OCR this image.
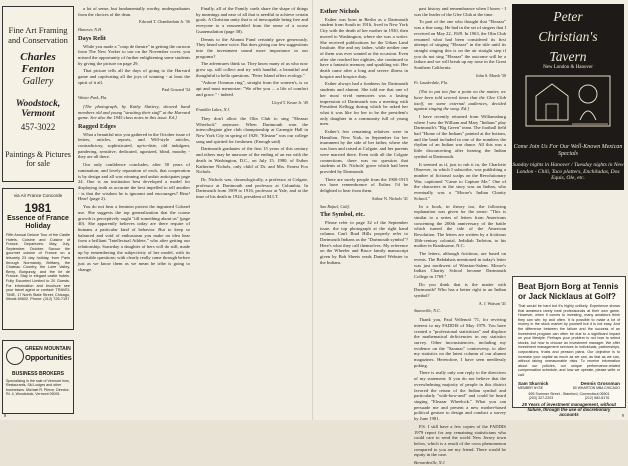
Fine Art Framing and Conservation
Charles Fenton
Gallery
Woodstock, Vermont
457-3022
Paintings & Pictures for sale
via Air France Concorde
1981
Essence of France Holiday
Fifth Annual Deluxe Tour of the Castle Hotels, Cuisine and Cuisine of France. Departures: May, July, September, October. Savour the gourmet cuisine of France on a leisurely 23 day holiday, from Paris through Normandy, Brittany, the Chateau Country, the Loire Valley, Berry, Burgundy, and the Ile de France. Stay in elegant castle hotels. Fully Escorted Limited to 20 Guests. For information and brochure see your travel agent or contact: TRAVEL TIME, 17 North State Street, Chicago, Illinois 60602. Phone: (312) 726-7197
GREEN MOUNTAIN
Opportunities
BUSINESS BROKERS
Specializing in the sale of Vermont Inns, Restaurants, Ski Lodges and other businesses. Michael R. Pierce, Director. Rt. 4, Woodstock, Vermont 05091.

a lot of sense, but fundamentally worthy, undergraduates from the choices of the dean.

Edward T. Chamberlain Jr. '36
Hanover, N.H.
Days Relit

While you made a "coup de theatre" in getting the cartoon from The New Yorker to use on the November cover, you missed the opportunity of further enlightening some students by giving the picture on page 29.

That picture tells all the days of going to the Harvard game and captivating all the joys of winning - at least the spirit of it all.

Paul Goward '34
Winter Park, Fla.

[The photograph, by Kathy Slattery, showed band members old and young "strutting their stuff" at the Harvard game. See also the 1945 class notes in this issue. Ed.]

Ragged Edges

What a beautiful mix you gathered in the October issue of letters, articles, reports, and Will-style articles, contradictory, sophisticated, up-to-date, old indulgent, pandering, sensitive, dedicated, agonized, blind, mouthy - they are all there.

Our only confidence concludes, after 50 years of rumination, and lovely reparation of each, that cooperation is by design and all was winning and unfair anticipates page 24. One is an institution best developed a model for displaying truth as accurate the best impelled to tell another - is that the wisdom he is ignorant and encourages? Hear! Hear! (page 2).

You do not hear a feminist protest the ingrained Colonel use. She suggests the top generalization that the coarse growth is perceptively ought "till something about us" (page 40). She apparently believes today are there require of humans a particular kind of behavior. But to keep so balanced and void of enthusiasm you make no idea hear from a brilliant "Intellectual Athlete," who after getting our relationship. Someday a daughter of hers will do still, made up by remembering the subjectivity of her model, with its inevitable questions; with clearly really came through before just as we know them as we mean he tribe is going to change.

Finally, all of the Family cards share the shape of things by meanings and ease of all that is needful to achieve certain goals. A Christian unity that is of inescapable being free and everyone to a reassembled from the sense of a worse Guatemalation (page 38).

Dennis to the Alumni Fund certainly gave generously. They heard some voice. But does giving our few suggestions into the investment sound more importance in our programs?

The adventures think so. They know many of us who now grow up, still collect and try with handful, a beautiful and thoughtful to hello questions. "Peter Island offers ecology."

"Ashore Oceanus ring", straight from the women's, is so apt and must memorize: "We offer you ... a life of comfort and grace." - indeed.

Lloyd T. Kruse Jr. '49
Franklin Lakes, N.J.

They don't allow the Olin Club to sing "Eleazar Wheelock" anymore. When Dartmouth won the intercollegiate glee club championship at Carnegie Hall in New York City in spring of 1929, "Eleazar" was our college song and spirited for freshmen. (Enough said)

Dartmouth graduates of the first 15 years of this century and others may be unaware of the ending of an era with the death in Washington, D.C., on July 15, 1980, of Esther Katherine Nichols, only child of Dr. and Mrs. Ernest Fox Nichols.

Dr. Nichols was, chronologically, a professor at Colgate, professor at Dartmouth and professor at Columbia. In Dartmouth from 1909 to 1916, professor at Yale, and at the time of his death in 1924, president of M.I.T.

8
Esther Nichols

Esther was born in Berlin as a Dartmouth student from South in 1916, lived in New York City with the death of her mother in 1930, then moved to Washington, where she was a writer. She received publications for the Urban Land Institute. She and my father, while neither one of them was ever wanted or the occasion. Even after she reached her eighties, she continued to have a fantastic memory and sparkling wit. Her death came after a long and severe illness in hospice and hospice duty.

Esther always had a fondness for Dartmouth students and alumni. She told me that one of her most vivid memories was a lasting impression of Dartmouth was a meeting with President Kellogg during which he asked her what it was like for her to be the president's only daughter in a community full of young men.

Esther's few remaining relatives were in Hamilton, New York, in September for her inurnment by the side of her father, where she was born and raised at Colgate, and her parents were married there. Even with all the Colgate connections, there was no question that students at Dr. Nichols' grave which had been provided by Dartmouth.

There are surely people from the 1900-1915 era have remembrance of Esther. I'd be delighted to hear from them.

Arthur N. Nichols '41
San Rafael, Calif.
The Symbol, etc.

Please refer to page 32 of the September issue, the top photograph at the right hand column. Can't Brad Hills properly refer to Dartmouth Indians as the "Dartmouth symbol"? Here's what they call themselves. My reference on the Wheeler and Bruce family manuscript given by Bob Sheets reads Daniel Webster to the Indians.

past history and remembrance when I know - I was the leader of the Glee Club at the time.

To part of the one who thought that "Eleazar" was a fine song. He had in the set of singers that I received on May 22, 1929. In 1963, the Olin Club resumed what had been considered its first attempt of singing "Eleazar" in the title until its straight singing this is on the air straight step if you do not sing "Eleazar" the outcome will be a failure and we will break up my nose in the Great Southern California.

John S. Marsh '30
Ft. Lauderdale, Fla.

[Not to put too fine a point on the matter, we have been told several times that the Glee Club itself, on some external audiences, decided against singing the song. Ed.]

I have recently returned from Williamsburg where I saw the William and Mary "Indians" play Dartmouth's "Big Green" team. The football field had "Home of the Indians" painted at the bottom, and the band included in one of the numbers the rhythm of an Indian war dance. All this was a little disconcerting after hearing the Indian symbol at Dartmouth.

It seemed as if, just to rub it in, the Charlotte Observer, in which I subscribe, was publishing a number of fictional scalps on the Revolutionary War, captioned "Came to Capture Me," One of the characters in the story was an Indian, who eventually was a "Moore's Indian Charity School."

In a book, in theory too, the following explanation was given for the sense: "This is similar to a series of letters from Americans conceming the 200th anniversary of the battle which turned the tide of the American Revolution. The letters are written by a fictitious 18th-century colonial, Jedidiah Tarleton, to his mother in Branksome, N.C.

The letters, although fictitious, are based on events. The Bebdahais mentioned in today's letter was just northwest of Winston-Salem. Moore's Indian Charity School became Dartmouth College in 1769."

Do you think that is the matter with Dartmouth? Who has a better right to an Indian symbol?

A. J. Watson '41
Statesville, N.C.

Thank you, Paul Vellenoti '71, for reviving interest to my FADDIS of May 1979. You have created a "professional statistician" and displace the mathematical deficiencies in my statistics survey. Other inconsistencies, including my evidence on the "Saranac" controversy, to alter my statistics on the latest column of our alumni magazines. Heretofore, I have seen needlessly poking.

There is really only one reply to the directives of my statement: If you do not believe that the overwhelming majority of people in this district favored the return of the Indian symbol and particularly "with-bow-and" and could be heard singing "Eleazar Wheelock." What you can persuade me and present a new mother-based political gesture to design and conduct a survey by June 1981.

P.S. I still have a few copies of the FADDIS 1979 report for any remaining statisticians who could care to send the world New Jersey town below, which is a result of the cross phenomenon compared to you are my friend. There would be equity in the case.

Bernardsville, N.J.
Peter
Christian's
Tavern
New London & Hanover
Come Join Us For Our Well-Known Mexican Specials
Sunday nights in Hanover / Tuesday nights in New London - Chili, Taco platters, Enchiladas, Dos Equis, Ole, etc.
Beat Bjorn Borg at Tennis or Jack Nicklaus at Golf?
That would be hard but it's highly unlikely. Experience shows that amateurs rarely beat professionals at their own game. However, when it comes to investing, many amateurs think they can win; by and often. It is possible to make a lot of money in the stock market by yourself but it is not easy. And the difference between the failure and the success of an investment program can often be due to a significant impact on your lifestyle. Perhaps your problem is not how to select stocks, but how to choose an investment manager. We offer investment management services to individuals, partnerships, corporations, trusts and pension plans. Our objective is to increase your capital as much as we can, as fast as we can, without taking unreasonable risks. To receive information about our policies, our unique performance-related compensation schedule, and how we operate, please write or call:
Sam Skurnick	Dennis Grossman
MEMBER NYSE	80 WHARTON MBA CHICAGO
695 Summer Street - Stamford, Connecticut 06901
(203) 327-2203	(212) 582-6176
25 Years of investment management, without failure, through the use of discretionary accounts	9
